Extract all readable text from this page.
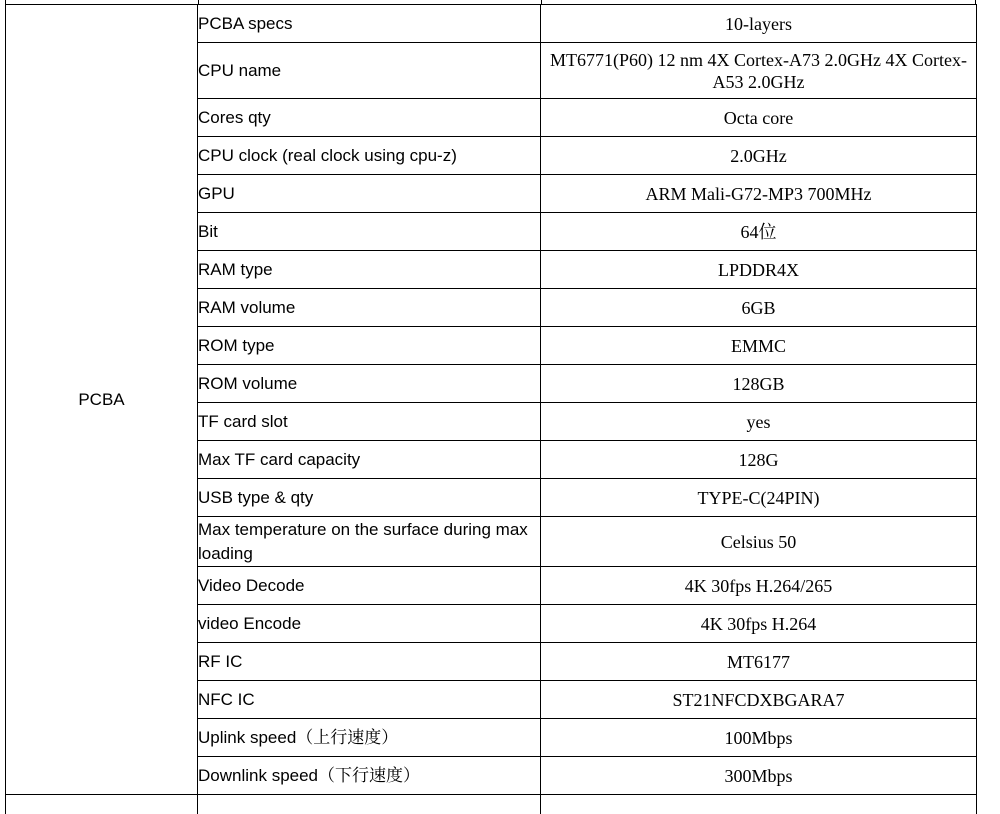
PCBA	PCBA specs	10-layers
	CPU name	MT6771(P60) 12 nm 4X Cortex-A73 2.0GHz 4X Cortex-A53 2.0GHz
	Cores qty	Octa core
	CPU clock (real clock using cpu-z)	2.0GHz
	GPU	ARM Mali-G72-MP3 700MHz
	Bit	64位
	RAM type	LPDDR4X
	RAM volume	6GB
	ROM type	EMMC
	ROM volume	128GB
	TF card slot	yes
	Max TF card capacity	128G
	USB type & qty	TYPE-C(24PIN)
	Max temperature on the surface during max loading	Celsius 50
	Video Decode	4K 30fps H.264/265
	video Encode	4K 30fps H.264
	RF IC	MT6177
	NFC IC	ST21NFCDXBGARA7
	Uplink speed（上行速度）	100Mbps
	Downlink speed（下行速度）	300Mbps
